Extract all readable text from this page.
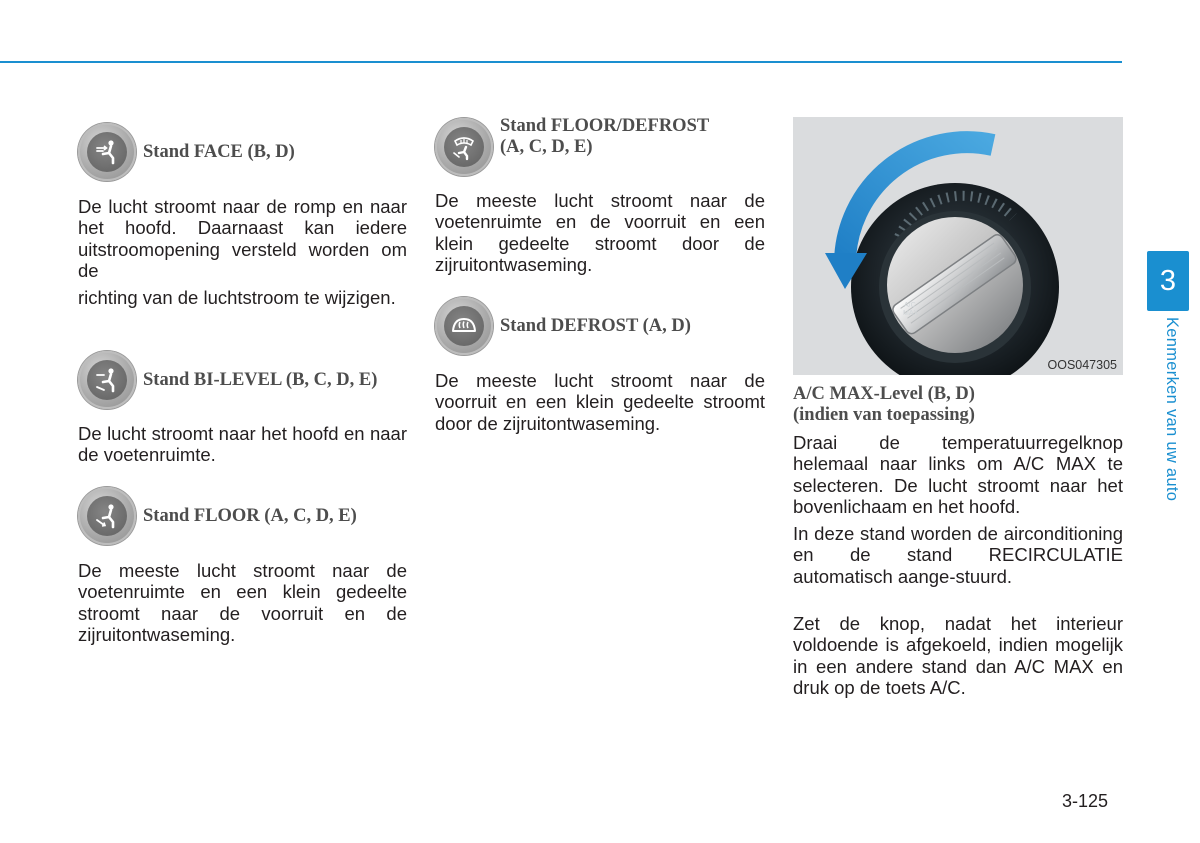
Stand FACE (B, D)

De lucht stroomt naar de romp en naar het hoofd. Daarnaast kan iedere uitstroomopening versteld worden om de

richting van de luchtstroom te wijzigen.

Stand BI-LEVEL (B, C, D, E)

De lucht stroomt naar het hoofd en naar de voetenruimte.

Stand FLOOR (A, C, D, E)

De meeste lucht stroomt naar de voetenruimte en een klein gedeelte stroomt naar de voorruit en de zijruitontwaseming.

Stand FLOOR/DEFROST
(A, C, D, E)

De meeste lucht stroomt naar de voetenruimte en de voorruit en een klein gedeelte stroomt door de zijruitontwaseming.

Stand DEFROST (A, D)

De meeste lucht stroomt naar de voorruit en een klein gedeelte stroomt door de zijruitontwaseming.

A/C
MAX
OOS047305
A/C MAX-Level (B, D)
(indien van toepassing)

Draai de temperatuurregelknop helemaal naar links om A/C MAX te selecteren. De lucht stroomt naar het bovenlichaam en het hoofd.

In deze stand worden de airconditioning en de stand RECIRCULATIE automatisch aange-stuurd.

Zet de knop, nadat het interieur voldoende is afgekoeld, indien mogelijk in een andere stand dan A/C MAX en druk op de toets A/C.

3
Kenmerken van uw auto
3-125
